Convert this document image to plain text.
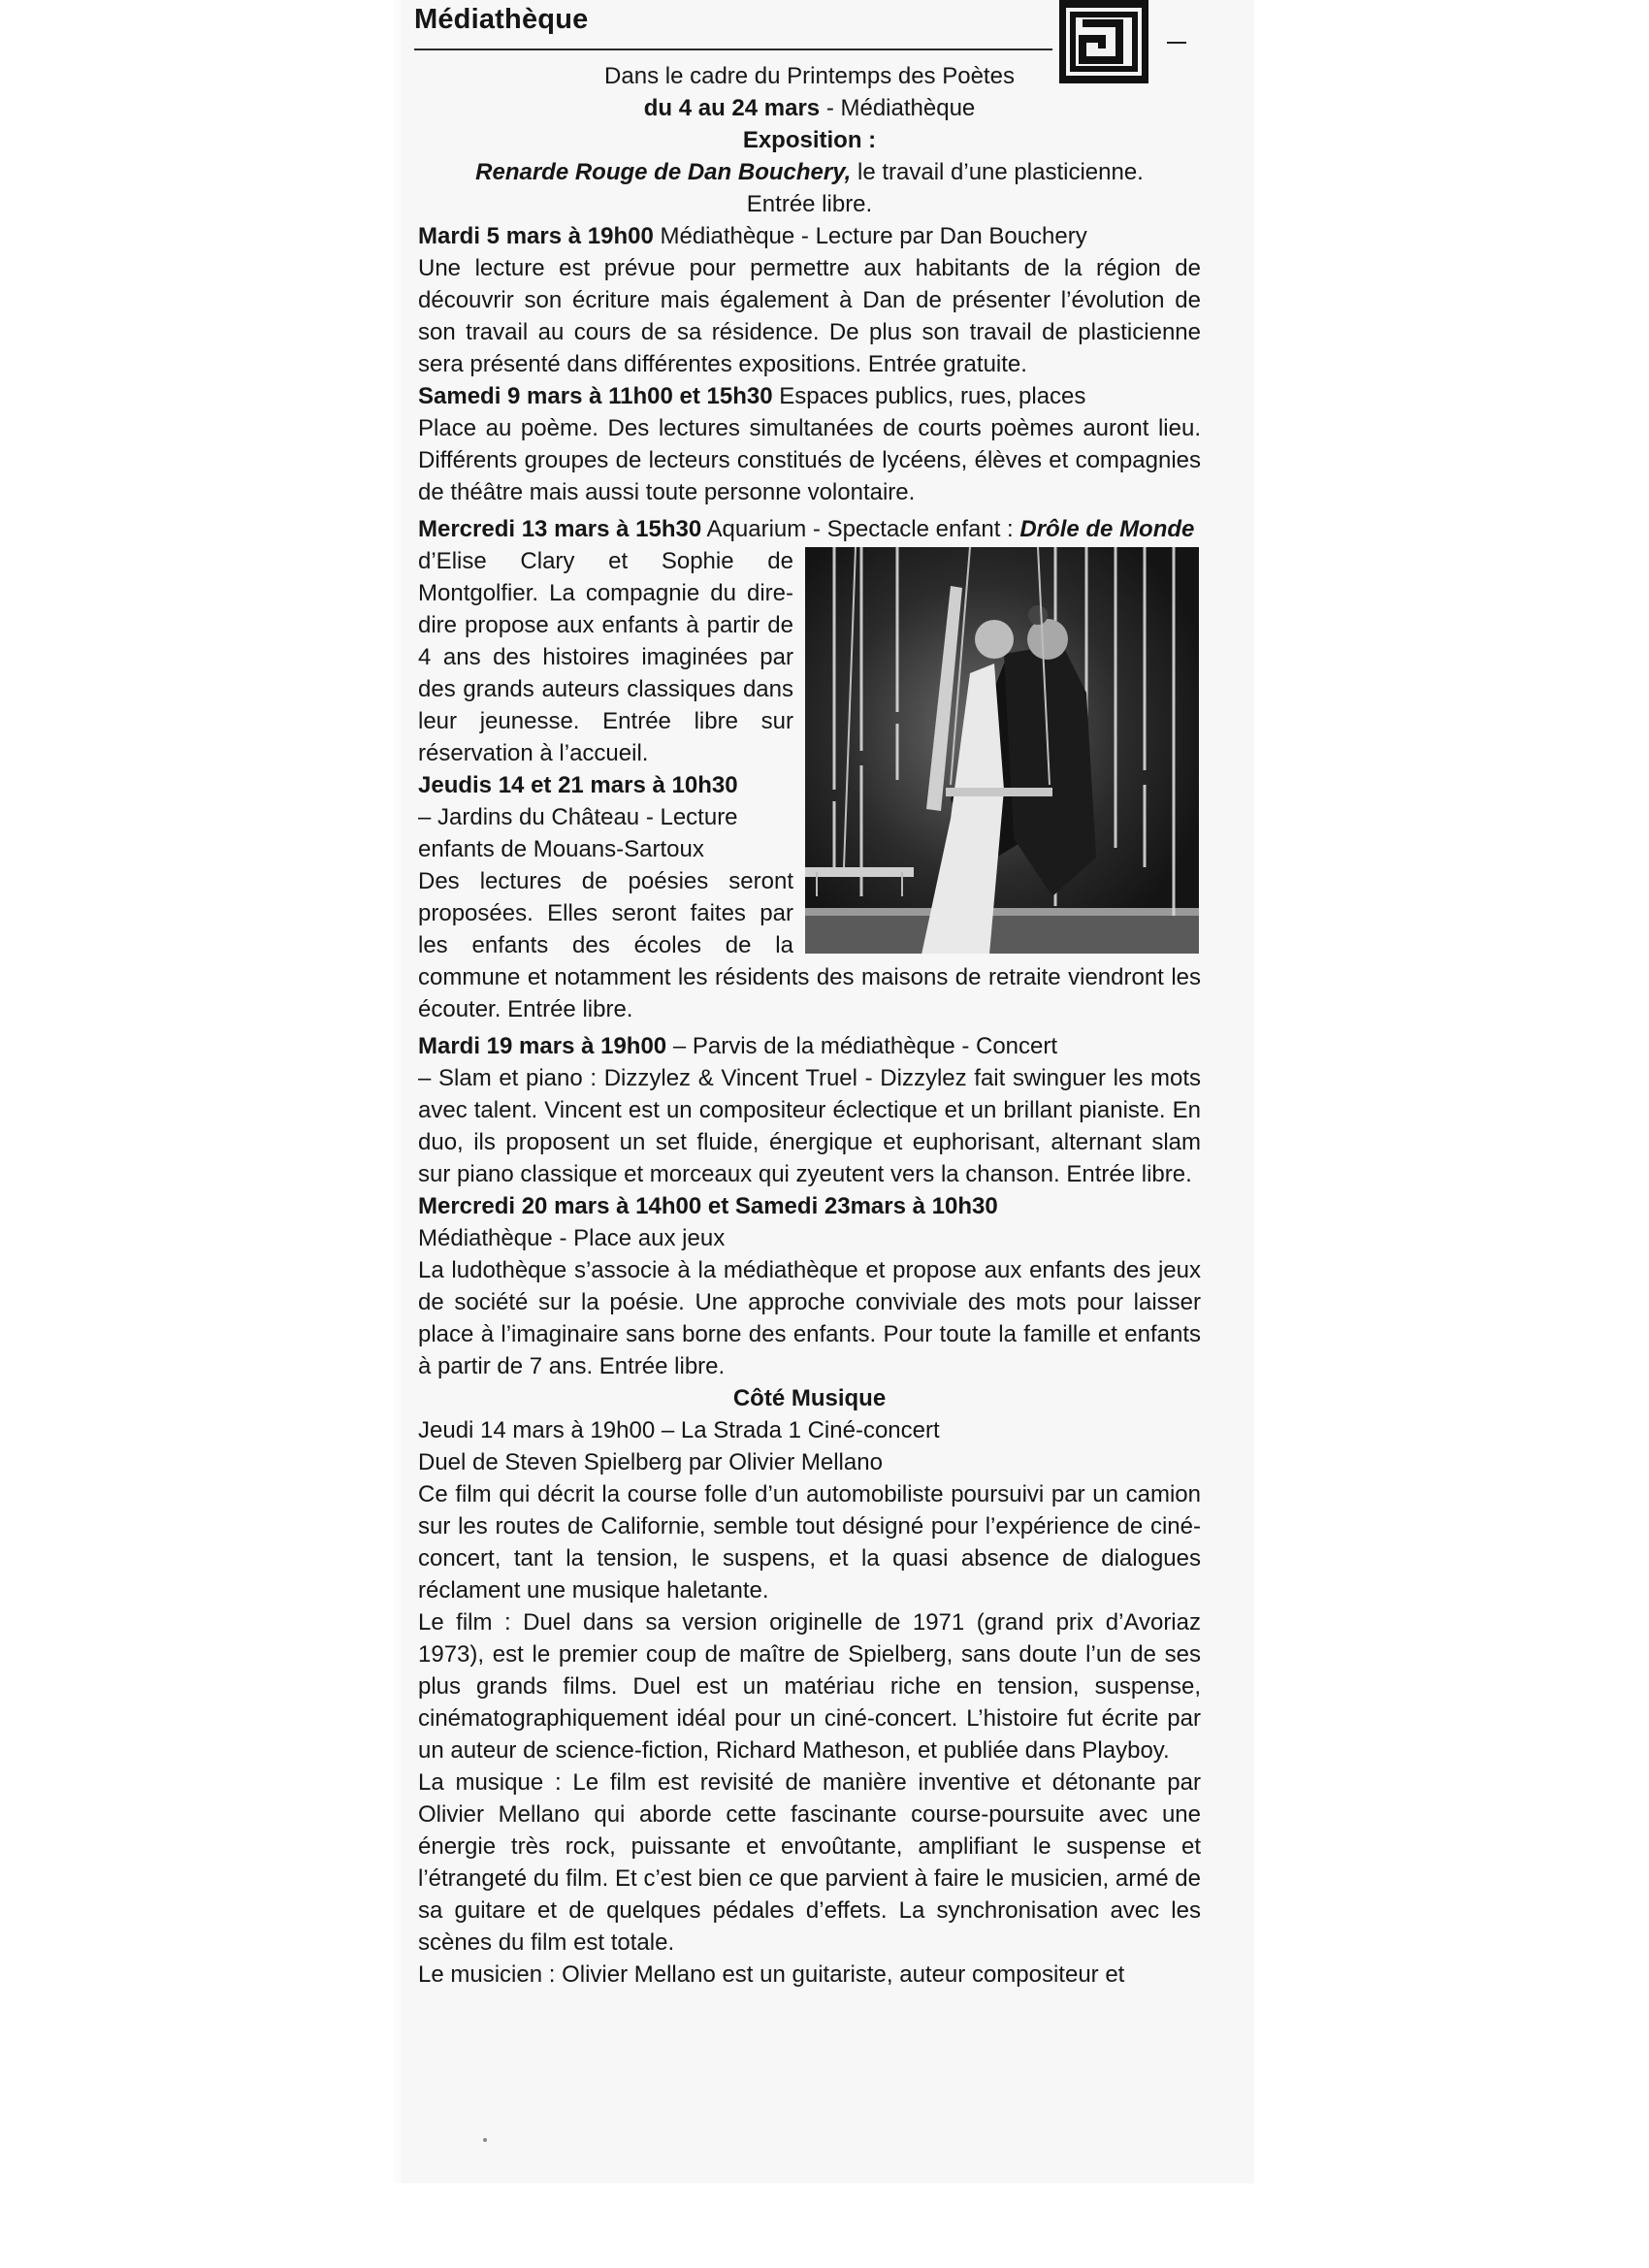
Médiathèque

Dans le cadre du Printemps des Poètes

du 4 au 24 mars - Médiathèque

Exposition :

Renarde Rouge de Dan Bouchery, le travail d’une plasticienne.

Entrée libre.

Mardi 5 mars à 19h00 Médiathèque - Lecture par Dan Bouchery

Une lecture est prévue pour permettre aux habitants de la région de découvrir son écriture mais également à Dan de présenter l’évolution de son travail au cours de sa résidence. De plus son travail de plasticienne sera présenté dans différentes expositions. Entrée gratuite.

Samedi 9 mars à 11h00 et 15h30 Espaces publics, rues, places

Place au poème. Des lectures simultanées de courts poèmes auront lieu. Différents groupes de lecteurs constitués de lycéens, élèves et compagnies de théâtre mais aussi toute personne volontaire.

Mercredi 13 mars à 15h30 Aquarium - Spectacle enfant : Drôle de Monde

d’Elise Clary et Sophie de Montgolfier. La compagnie du dire-dire propose aux enfants à partir de 4 ans des histoires imaginées par des grands auteurs classiques dans leur jeunesse. Entrée libre sur réservation à l’accueil.

Jeudis 14 et 21 mars à 10h30

– Jardins du Château - Lecture enfants de Mouans-Sartoux

Des lectures de poésies seront proposées. Elles seront faites par les enfants des écoles de la commune et notamment les résidents des maisons de retraite viendront les écouter. Entrée libre.

Mardi 19 mars à 19h00 – Parvis de la médiathèque - Concert

– Slam et piano : Dizzylez & Vincent Truel - Dizzylez fait swinguer les mots avec talent. Vincent est un compositeur éclectique et un brillant pianiste. En duo, ils proposent un set fluide, énergique et euphorisant, alternant slam sur piano classique et morceaux qui zyeutent vers la chanson. Entrée libre.

Mercredi 20 mars à 14h00 et Samedi 23mars à 10h30

Médiathèque - Place aux jeux

La ludothèque s’associe à la médiathèque et propose aux enfants des jeux de société sur la poésie. Une approche conviviale des mots pour laisser place à l’imaginaire sans borne des enfants. Pour toute la famille et enfants à partir de 7 ans. Entrée libre.

Côté Musique

Jeudi 14 mars à 19h00 – La Strada 1 Ciné-concert

Duel de Steven Spielberg par Olivier Mellano

Ce film qui décrit la course folle d’un automobiliste poursuivi par un camion sur les routes de Californie, semble tout désigné pour l’expérience de ciné-concert, tant la tension, le suspens, et la quasi absence de dialogues réclament une musique haletante.

Le film : Duel dans sa version originelle de 1971 (grand prix d’Avoriaz 1973), est le premier coup de maître de Spielberg, sans doute l’un de ses plus grands films. Duel est un matériau riche en tension, suspense, cinématographiquement idéal pour un ciné-concert. L’histoire fut écrite par un auteur de science-fiction, Richard Matheson, et publiée dans Playboy.

La musique : Le film est revisité de manière inventive et détonante par Olivier Mellano qui aborde cette fascinante course-poursuite avec une énergie très rock, puissante et envoûtante, amplifiant le suspense et l’étrangeté du film. Et c’est bien ce que parvient à faire le musicien, armé de sa guitare et de quelques pédales d’effets. La synchronisation avec les scènes du film est totale.

Le musicien : Olivier Mellano est un guitariste, auteur compositeur et
